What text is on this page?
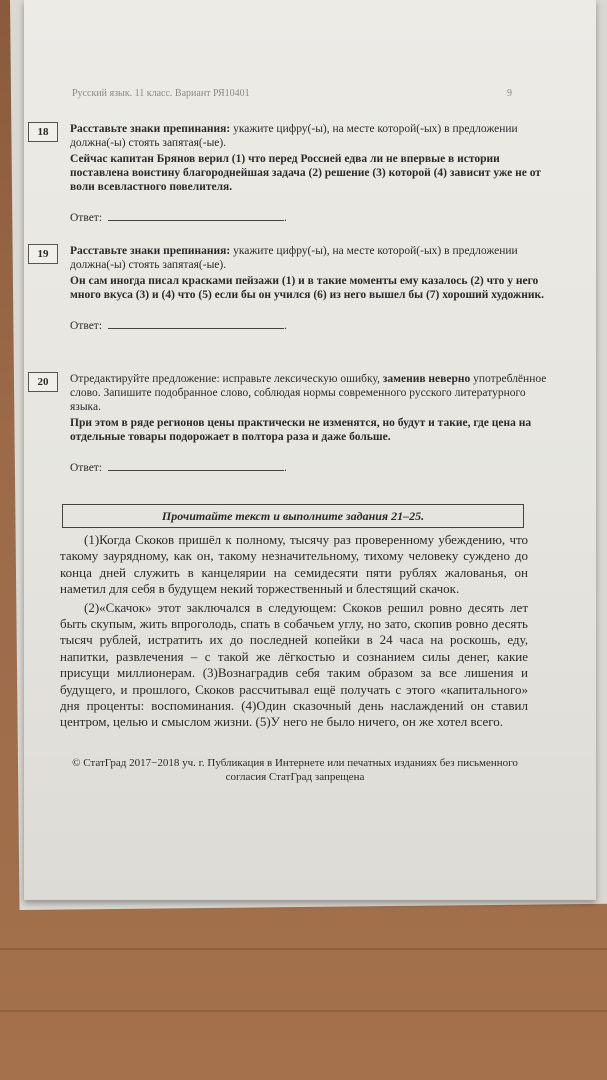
Русский язык. 11 класс. Вариант РЯ10401	9
18	Расставьте знаки препинания: укажите цифру(-ы), на месте которой(-ых) в предложении должна(-ы) стоять запятая(-ые).
Сейчас капитан Брянов верил (1) что перед Россией едва ли не впервые в истории поставлена воистину благороднейшая задача (2) решение (3) которой (4) зависит уже не от воли всевластного повелителя.
Ответ:	.
19	Расставьте знаки препинания: укажите цифру(-ы), на месте которой(-ых) в предложении должна(-ы) стоять запятая(-ые).
Он сам иногда писал красками пейзажи (1) и в такие моменты ему казалось (2) что у него много вкуса (3) и (4) что (5) если бы он учился (6) из него вышел бы (7) хороший художник.
Ответ:	.
20	Отредактируйте предложение: исправьте лексическую ошибку, заменив неверно употреблённое слово. Запишите подобранное слово, соблюдая нормы современного русского литературного языка.
При этом в ряде регионов цены практически не изменятся, но будут и такие, где цена на отдельные товары подорожает в полтора раза и даже больше.
Ответ:	.
Прочитайте текст и выполните задания 21–25.

(1)Когда Скоков пришёл к полному, тысячу раз проверенному убеждению, что такому заурядному, как он, такому незначительному, тихому человеку суждено до конца дней служить в канцелярии на семидесяти пяти рублях жалованья, он наметил для себя в будущем некий торжественный и блестящий скачок.

(2)«Скачок» этот заключался в следующем: Скоков решил ровно десять лет быть скупым, жить впроголодь, спать в собачьем углу, но зато, скопив ровно десять тысяч рублей, истратить их до последней копейки в 24 часа на роскошь, еду, напитки, развлечения – с такой же лёгкостью и сознанием силы денег, какие присущи миллионерам. (3)Вознаградив себя таким образом за все лишения и будущего, и прошлого, Скоков рассчитывал ещё получать с этого «капитального» дня проценты: воспоминания. (4)Один сказочный день наслаждений он ставил центром, целью и смыслом жизни. (5)У него не было ничего, он же хотел всего.

© СтатГрад 2017−2018 уч. г. Публикация в Интернете или печатных изданиях без письменного согласия СтатГрад запрещена
